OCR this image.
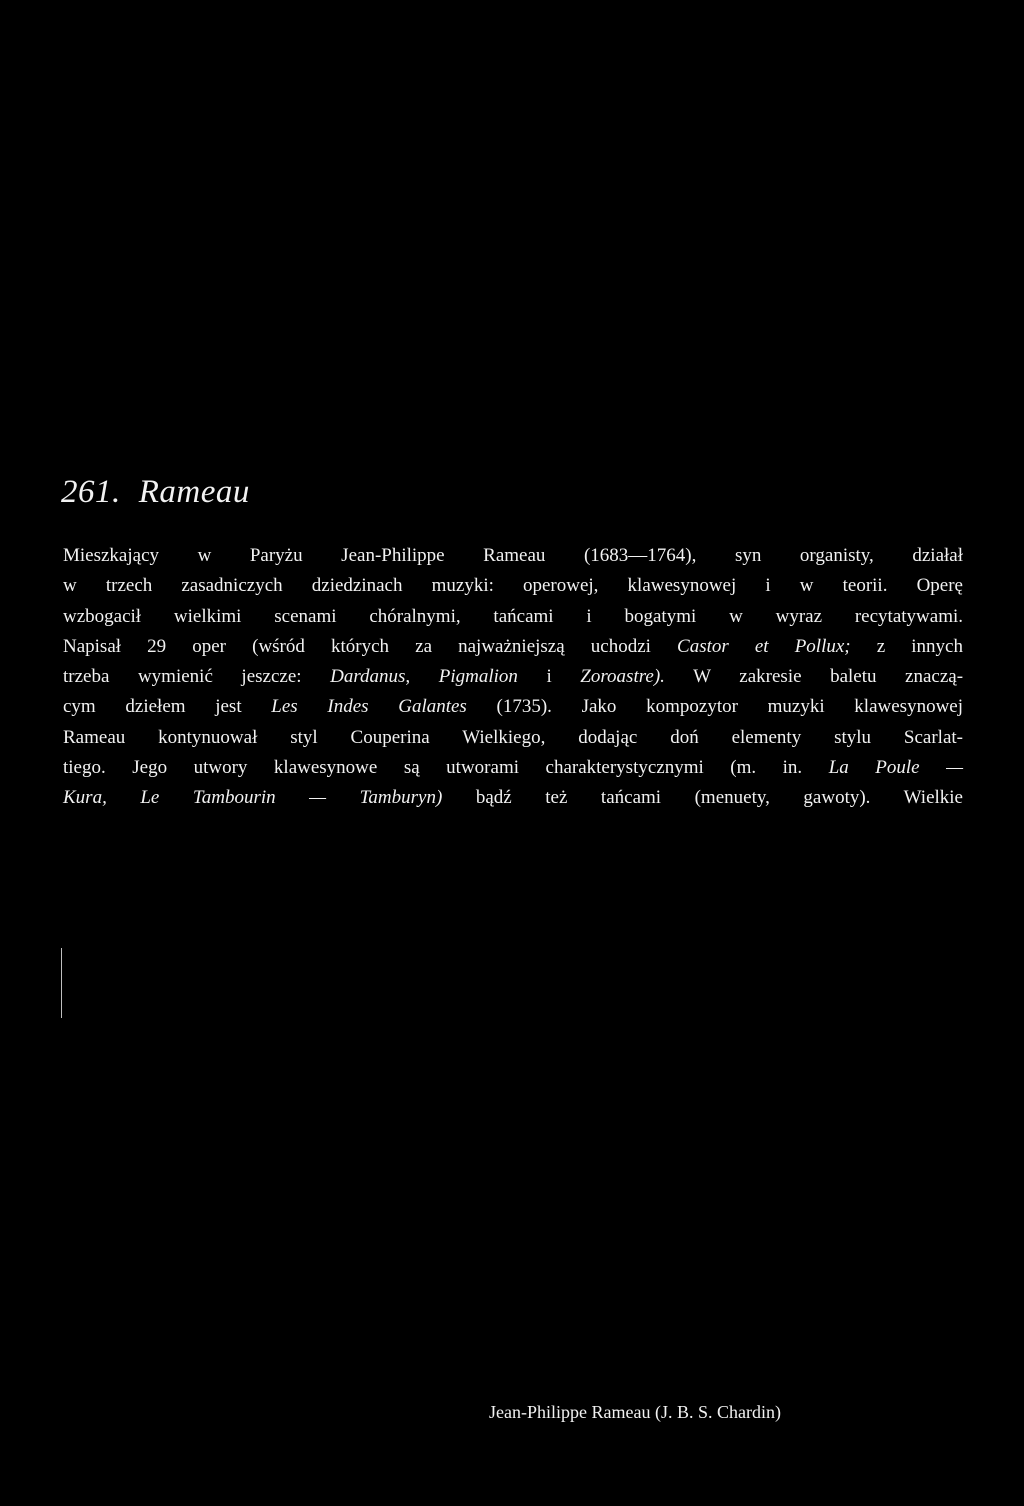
261. Rameau
Mieszkający w Paryżu Jean-Philippe Rameau (1683—1764), syn organisty, działał
w trzech zasadniczych dziedzinach muzyki: operowej, klawesynowej i w teorii. Operę
wzbogacił wielkimi scenami chóralnymi, tańcami i bogatymi w wyraz recytatywami.
Napisał 29 oper (wśród których za najważniejszą uchodzi Castor et Pollux; z innych
trzeba wymienić jeszcze: Dardanus, Pigmalion i Zoroastre). W zakresie baletu znaczą-
cym dziełem jest Les Indes Galantes (1735). Jako kompozytor muzyki klawesynowej
Rameau kontynuował styl Couperina Wielkiego, dodając doń elementy stylu Scarlat-
tiego. Jego utwory klawesynowe są utworami charakterystycznymi (m. in. La Poule —
Kura, Le Tambourin — Tamburyn) bądź też tańcami (menuety, gawoty). Wielkie

Jean-Philippe Rameau (J. B. S. Chardin)
